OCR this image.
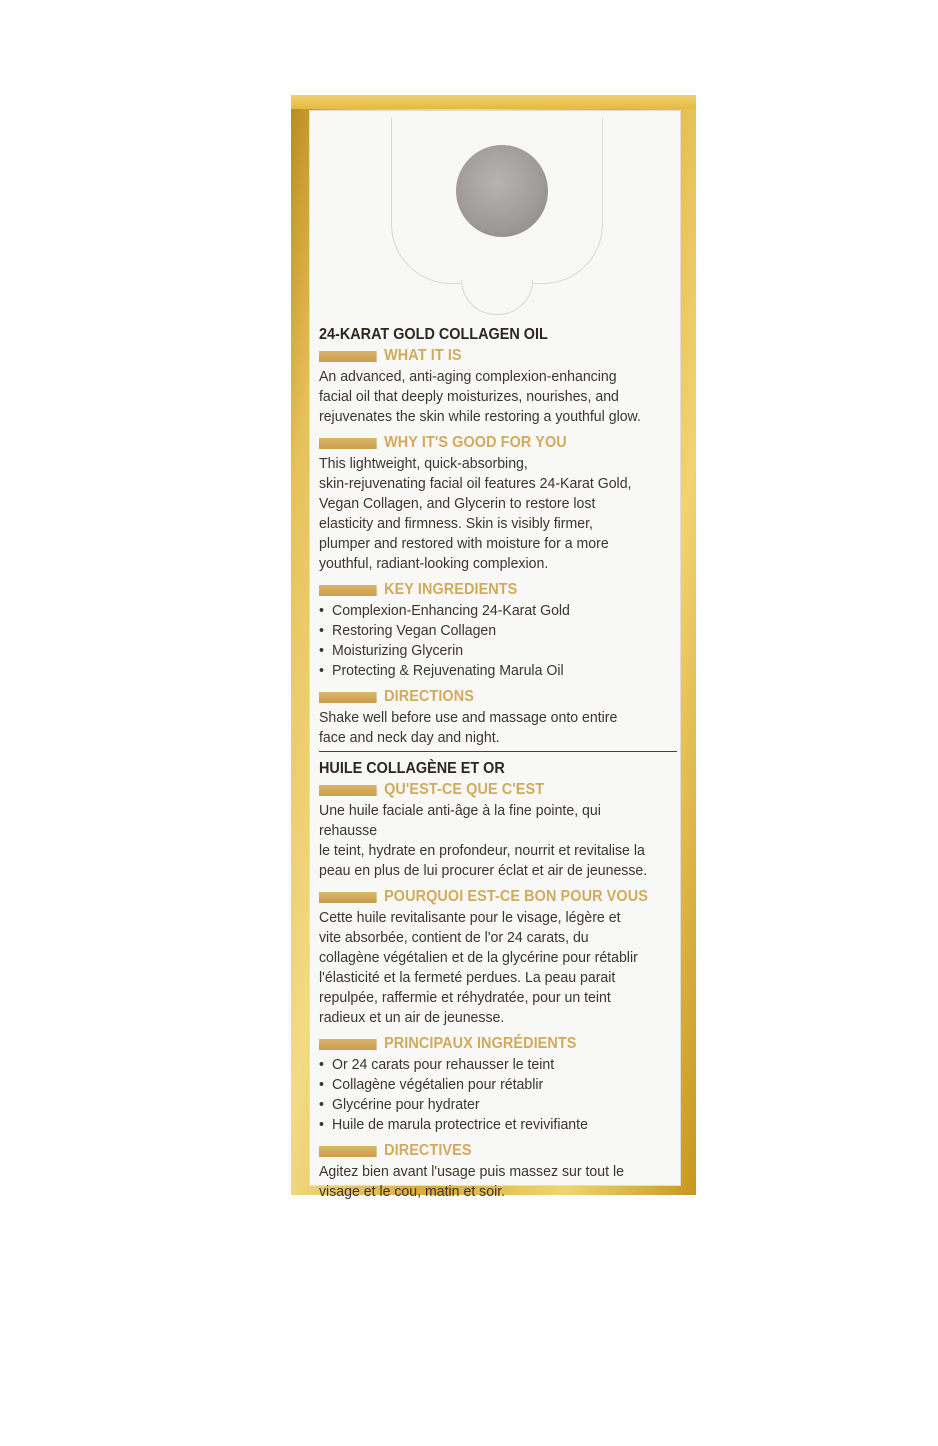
24-KARAT GOLD COLLAGEN OIL

WHAT IT IS

An advanced, anti-aging complexion-enhancing

facial oil that deeply moisturizes, nourishes, and

rejuvenates the skin while restoring a youthful glow.

WHY IT'S GOOD FOR YOU

This lightweight, quick-absorbing,

skin-rejuvenating facial oil features 24-Karat Gold,

Vegan Collagen, and Glycerin to restore lost

elasticity and firmness. Skin is visibly firmer,

plumper and restored with moisture for a more

youthful, radiant-looking complexion.

KEY INGREDIENTS
• Complexion-Enhancing 24-Karat Gold
• Restoring Vegan Collagen
• Moisturizing Glycerin
• Protecting & Rejuvenating Marula Oil
DIRECTIONS

Shake well before use and massage onto entire

face and neck day and night.

HUILE COLLAGÈNE ET OR

QU'EST-CE QUE C'EST

Une huile faciale anti-âge à la fine pointe, qui rehausse

le teint, hydrate en profondeur, nourrit et revitalise la

peau en plus de lui procurer éclat et air de jeunesse.

POURQUOI EST-CE BON POUR VOUS

Cette huile revitalisante pour le visage, légère et

vite absorbée, contient de l'or 24 carats, du

collagène végétalien et de la glycérine pour rétablir

l'élasticité et la fermeté perdues. La peau parait

repulpée, raffermie et réhydratée, pour un teint

radieux et un air de jeunesse.

PRINCIPAUX INGRÉDIENTS
• Or 24 carats pour rehausser le teint
• Collagène végétalien pour rétablir
• Glycérine pour hydrater
• Huile de marula protectrice et revivifiante
DIRECTIVES

Agitez bien avant l'usage puis massez sur tout le

visage et le cou, matin et soir.
